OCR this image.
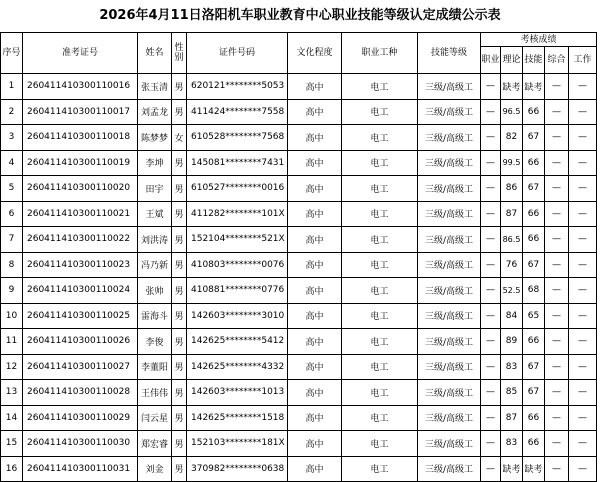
2026年4月11日洛阳机车职业教育中心职业技能等级认定成绩公示表
序号	准考证号	姓名	性别	证件号码	文化程度	职业工种	技能等级	考核成绩				
								职业	理论	技能	综合	工作
1	260411410300110016	张玉清	男	620121********5053	高中	电工	三级/高级工	—	缺考	缺考	—	—
2	260411410300110017	刘孟龙	男	411424********7558	高中	电工	三级/高级工	—	96.5	66	—	—
3	260411410300110018	陈梦梦	女	610528********7568	高中	电工	三级/高级工	—	82	67	—	—
4	260411410300110019	李坤	男	145081********7431	高中	电工	三级/高级工	—	99.5	66	—	—
5	260411410300110020	田宇	男	610527********0016	高中	电工	三级/高级工	—	86	67	—	—
6	260411410300110021	王斌	男	411282********101X	高中	电工	三级/高级工	—	87	66	—	—
7	260411410300110022	刘洪涛	男	152104********521X	高中	电工	三级/高级工	—	86.5	66	—	—
8	260411410300110023	冯乃新	男	410803********0076	高中	电工	三级/高级工	—	76	67	—	—
9	260411410300110024	张帅	男	410881********0776	高中	电工	三级/高级工	—	52.5	68	—	—
10	260411410300110025	雷海斗	男	142603********3010	高中	电工	三级/高级工	—	84	65	—	—
11	260411410300110026	李俊	男	142625********5412	高中	电工	三级/高级工	—	89	66	—	—
12	260411410300110027	李董阳	男	142625********4332	高中	电工	三级/高级工	—	83	67	—	—
13	260411410300110028	王伟伟	男	142603********1013	高中	电工	三级/高级工	—	85	67	—	—
14	260411410300110029	闫云星	男	142625********1518	高中	电工	三级/高级工	—	87	66	—	—
15	260411410300110030	郑宏睿	男	152103********181X	高中	电工	三级/高级工	—	83	66	—	—
16	260411410300110031	刘金	男	370982********0638	高中	电工	三级/高级工	—	缺考	缺考	—	—
